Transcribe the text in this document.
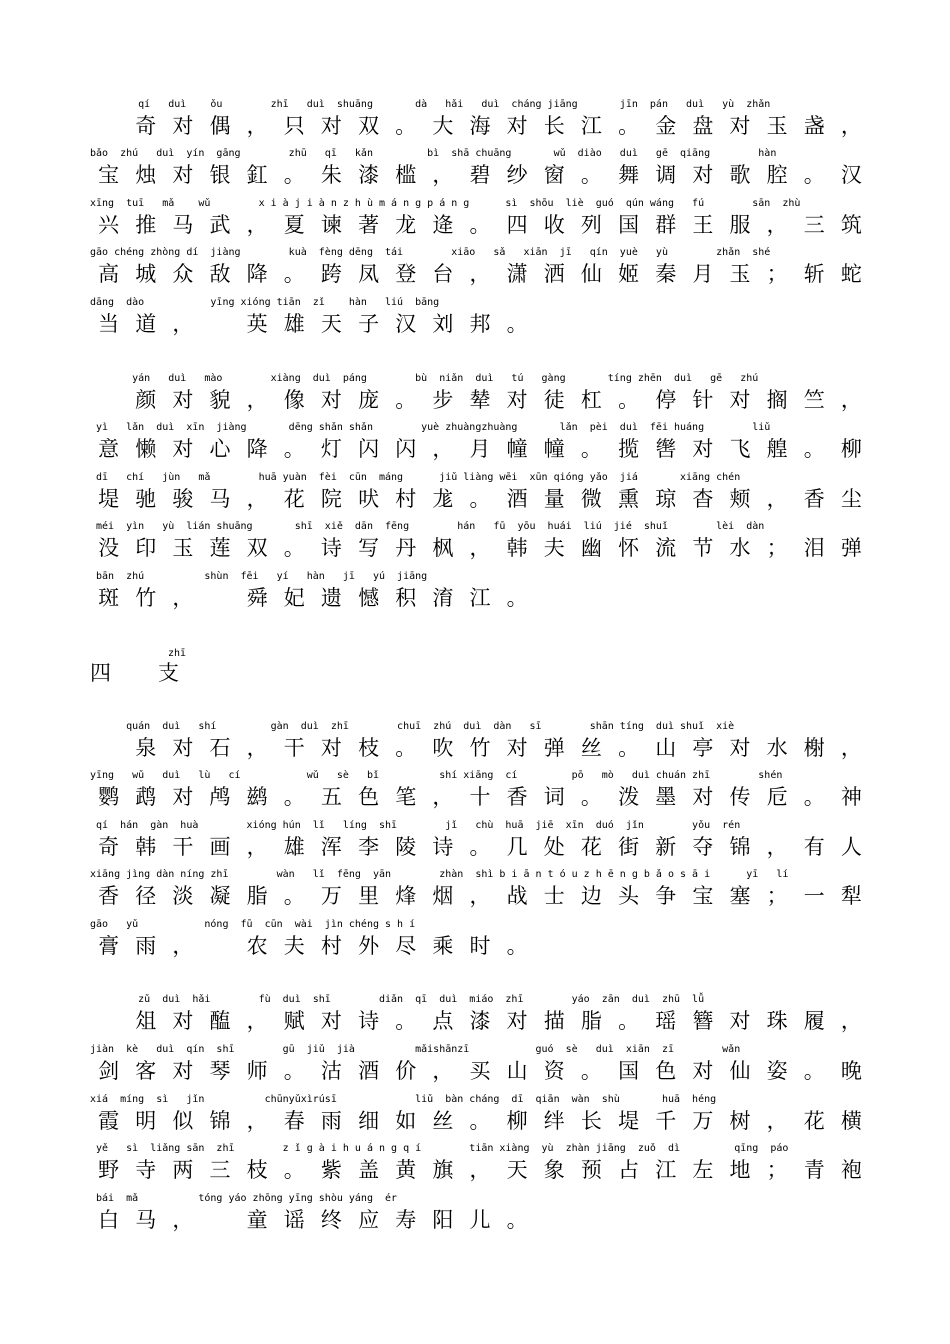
qí   duì    ǒu        zhī   duì  shuāng       dà   hǎi   duì  cháng jiāng       jīn  pán   duì   yù  zhǎn

奇 对 偶 ， 只 对 双 。 大 海 对 长 江 。 金 盘 对 玉 盏 ，
bǎo  zhú   duì  yín  gāng        zhū   qī   kǎn         bì  shā chuāng       wǔ  diào   duì   gē  qiāng        hàn
宝 烛 对 银 釭 。 朱 漆 槛 ， 碧 纱 窗 。 舞 调 对 歌 腔 。 汉
xīng  tuī   mǎ    wǔ        x i à j i à n z h ù m á n g p á n g      sì  shōu  liè  guó  qún wáng   fú        sān  zhù
兴 推 马 武 ， 夏 谏 著 龙 逄 。 四 收 列 国 群 王 服 ， 三 筑
gāo chéng zhòng dí  jiàng        kuà  fèng dēng  tái        xiāo   sǎ   xiān  jī   qín  yuè   yù        zhǎn  shé
高 城 众 敌 降 。 跨 凤 登 台 ， 潇 洒 仙 姬 秦 月 玉 ； 斩 蛇
dāng  dào           yīng xióng tiān  zǐ    hàn   liú  bāng
当 道 ，
　	英 雄 天 子 汉 刘 邦 。
yán   duì   mào        xiàng  duì  páng        bù  niǎn  duì   tú   gàng       tíng zhēn  duì   gē   zhú

颜 对 貌 ， 像 对 庞 。 步 辇 对 徒 杠 。 停 针 对 搁 竺 ，
yì   lǎn  duì  xīn  jiàng       dēng shǎn shǎn        yuè zhuàngzhuàng       lǎn  pèi  duì  fēi huáng        liǔ
意 懒 对 心 降 。 灯 闪 闪 ， 月 幢 幢 。 揽 辔 对 飞 艎 。 柳
dī   chí   jùn   mǎ        huā yuàn  fèi  cūn  máng      jiǔ liàng wēi  xūn qióng yǎo  jiá       xiāng chén
堤 驰 骏 马 ， 花 院 吠 村 尨 。 酒 量 微 熏 琼 杳 颊 ， 香 尘
méi  yìn   yù  lián shuāng       shī  xiě  dān  fēng        hán   fū  yōu  huái  liú  jié  shuǐ        lèi  dàn
没 印 玉 莲 双 。 诗 写 丹 枫 ， 韩 夫 幽 怀 流 节 水 ； 泪 弹
bān  zhú          shùn  fēi   yí   hàn   jī   yú  jiāng
斑 竹 ，
　	舜 妃 遗 憾 积 淯 江 。
zhī
四 支
quán  duì   shí         gàn  duì  zhī        chuī  zhú  duì  dàn   sī        shān tíng  duì shuǐ  xiè

泉 对 石 ， 干 对 枝 。 吹 竹 对 弹 丝 。 山 亭 对 水 榭 ，
yīng   wǔ   duì   lù   cí           wǔ   sè   bǐ          shí xiāng  cí         pō   mò   duì chuán zhī        shén
鹦 鹉 对 鸬 鹚 。 五 色 笔 ， 十 香 词 。 泼 墨 对 传 卮 。 神
qí  hán  gàn  huà        xióng hún  lǐ   líng  shī        jǐ   chù  huā  jiē  xīn  duó  jǐn        yǒu  rén
奇 韩 干 画 ， 雄 浑 李 陵 诗 。 几 处 花 街 新 夺 锦 ， 有 人
xiāng jìng dàn níng zhī        wàn   lǐ  fēng  yān        zhàn  shì b i ā n t ó u z h ē n g b ǎ o s ā i      yī   lí
香 径 淡 凝 脂 。 万 里 烽 烟 ， 战 士 边 头 争 宝 塞 ； 一 犁
gāo   yǔ           nóng  fū  cūn  wài  jìn chéng s h í
膏 雨 ，
　	农 夫 村 外 尽 乘 时 。
zǔ  duì  hǎi        fù  duì  shī        diǎn  qī  duì  miáo  zhī        yáo  zān  duì  zhū  lǚ

俎 对 醢 ， 赋 对 诗 。 点 漆 对 描 脂 。 瑶 簪 对 珠 履 ，
jiàn  kè   duì  qín  shī        gū  jiǔ  jià          mǎishānzī           guó  sè   duì  xiān  zī        wǎn
剑 客 对 琴 师 。 沽 酒 价 ， 买 山 资 。 国 色 对 仙 姿 。 晚
xiá  míng  sì   jǐn          chūnyǔxìrúsī             liǔ  bàn cháng  dī  qiān  wàn  shù       huā  héng
霞 明 似 锦 ， 春 雨 细 如 丝 。 柳 绊 长 堤 千 万 树 ， 花 横
yě   sì  liǎng sān  zhī        z ǐ g à i h u á n g q í        tiān xiàng  yù  zhàn jiāng  zuǒ  dì         qīng  páo
野 寺 两 三 枝 。 紫 盖 黄 旗 ， 天 象 预 占 江 左 地 ； 青 袍
bái  mǎ          tóng yáo zhōng yīng shòu yáng  ér
白 马 ，
　	童 谣 终 应 寿 阳 儿 。
